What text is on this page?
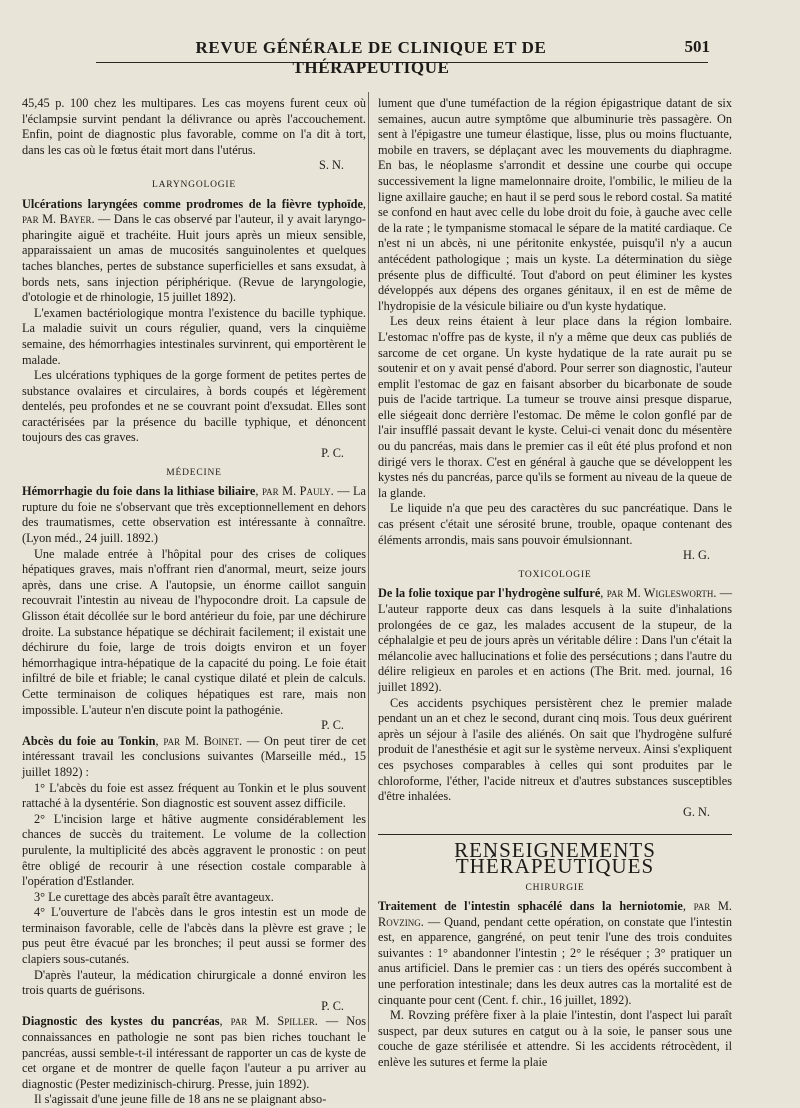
REVUE GÉNÉRALE DE CLINIQUE ET DE THÉRAPEUTIQUE
501

45,45 p. 100 chez les multipares. Les cas moyens furent ceux où l'éclampsie survint pendant la délivrance ou après l'accouchement. Enfin, point de diagnostic plus favorable, comme on l'a dit à tort, dans les cas où le fœtus était mort dans l'utérus.

S. N.
LARYNGOLOGIE

Ulcérations laryngées comme prodromes de la fièvre typhoïde, par M. Bayer. — Dans le cas observé par l'auteur, il y avait laryngo-pharingite aiguë et trachéite. Huit jours après un mieux sensible, apparaissaient un amas de mucosités sanguinolentes et quelques taches blanches, pertes de substance superficielles et sans exsudat, à bords nets, sans injection périphérique. (Revue de laryngologie, d'otologie et de rhinologie, 15 juillet 1892).

L'examen bactériologique montra l'existence du bacille typhique. La maladie suivit un cours régulier, quand, vers la cinquième semaine, des hémorrhagies intestinales survinrent, qui emportèrent le malade.

Les ulcérations typhiques de la gorge forment de petites pertes de substance ovalaires et circulaires, à bords coupés et légèrement dentelés, peu profondes et ne se couvrant point d'exsudat. Elles sont caractérisées par la présence du bacille typhique, et dénoncent toujours des cas graves.

P. C.
MÉDECINE

Hémorrhagie du foie dans la lithiase biliaire, par M. Pauly. — La rupture du foie ne s'observant que très exceptionnellement en dehors des traumatismes, cette observation est intéressante à connaître. (Lyon méd., 24 juill. 1892.)

Une malade entrée à l'hôpital pour des crises de coliques hépatiques graves, mais n'offrant rien d'anormal, meurt, seize jours après, dans une crise. A l'autopsie, un énorme caillot sanguin recouvrait l'intestin au niveau de l'hypocondre droit. La capsule de Glisson était décollée sur le bord antérieur du foie, par une déchirure droite. La substance hépatique se déchirait facilement; il existait une déchirure du foie, large de trois doigts environ et un foyer hémorrhagique intra-hépatique de la capacité du poing. Le foie était infiltré de bile et friable; le canal cystique dilaté et plein de calculs. Cette terminaison de coliques hépatiques est rare, mais non impossible. L'auteur n'en discute point la pathogénie.

P. C.

Abcès du foie au Tonkin, par M. Boinet. — On peut tirer de cet intéressant travail les conclusions suivantes (Marseille méd., 15 juillet 1892) :

1° L'abcès du foie est assez fréquent au Tonkin et le plus souvent rattaché à la dysentérie. Son diagnostic est souvent assez difficile.

2° L'incision large et hâtive augmente considérablement les chances de succès du traitement. Le volume de la collection purulente, la multiplicité des abcès aggravent le pronostic : on peut être obligé de recourir à une résection costale comparable à l'opération d'Estlander.

3° Le curettage des abcès paraît être avantageux.

4° L'ouverture de l'abcès dans le gros intestin est un mode de terminaison favorable, celle de l'abcès dans la plèvre est grave ; le pus peut être évacué par les bronches; il peut aussi se former des clapiers sous-cutanés.

D'après l'auteur, la médication chirurgicale a donné environ les trois quarts de guérisons.

P. C.

Diagnostic des kystes du pancréas, par M. Spiller. — Nos connaissances en pathologie ne sont pas bien riches touchant le pancréas, aussi semble-t-il intéressant de rapporter un cas de kyste de cet organe et de montrer de quelle façon l'auteur a pu arriver au diagnostic (Pester medizinisch-chirurg. Presse, juin 1892).

Il s'agissait d'une jeune fille de 18 ans ne se plaignant abso-

lument que d'une tuméfaction de la région épigastrique datant de six semaines, aucun autre symptôme que albuminurie très passagère. On sent à l'épigastre une tumeur élastique, lisse, plus ou moins fluctuante, mobile en travers, se déplaçant avec les mouvements du diaphragme. En bas, le néoplasme s'arrondit et dessine une courbe qui occupe successivement la ligne mamelonnaire droite, l'ombilic, le milieu de la ligne axillaire gauche; en haut il se perd sous le rebord costal. Sa matité se confond en haut avec celle du lobe droit du foie, à gauche avec celle de la rate ; le tympanisme stomacal le sépare de la matité cardiaque. Ce n'est ni un abcès, ni une péritonite enkystée, puisqu'il n'y a aucun antécédent pathologique ; mais un kyste. La détermination du siège présente plus de difficulté. Tout d'abord on peut éliminer les kystes développés aux dépens des organes génitaux, il en est de même de l'hydropisie de la vésicule biliaire ou d'un kyste hydatique.

Les deux reins étaient à leur place dans la région lombaire. L'estomac n'offre pas de kyste, il n'y a même que deux cas publiés de sarcome de cet organe. Un kyste hydatique de la rate aurait pu se soutenir et on y avait pensé d'abord. Pour serrer son diagnostic, l'auteur emplit l'estomac de gaz en faisant absorber du bicarbonate de soude puis de l'acide tartrique. La tumeur se trouve ainsi presque disparue, elle siégeait donc derrière l'estomac. De même le colon gonflé par de l'air insufflé passait devant le kyste. Celui-ci venait donc du mésentère ou du pancréas, mais dans le premier cas il eût été plus profond et non dirigé vers le thorax. C'est en général à gauche que se développent les kystes nés du pancréas, parce qu'ils se forment au niveau de la queue de la glande.

Le liquide n'a que peu des caractères du suc pancréatique. Dans le cas présent c'était une sérosité brune, trouble, opaque contenant des éléments arrondis, mais sans pouvoir émulsionnant.

H. G.
TOXICOLOGIE

De la folie toxique par l'hydrogène sulfuré, par M. Wiglesworth. — L'auteur rapporte deux cas dans lesquels à la suite d'inhalations prolongées de ce gaz, les malades accusent de la stupeur, de la céphalalgie et peu de jours après un véritable délire : Dans l'un c'était la mélancolie avec hallucinations et folie des persécutions ; dans l'autre du délire religieux en paroles et en actions (The Brit. med. journal, 16 juillet 1892).

Ces accidents psychiques persistèrent chez le premier malade pendant un an et chez le second, durant cinq mois. Tous deux guérirent après un séjour à l'asile des aliénés. On sait que l'hydrogène sulfuré produit de l'anesthésie et agit sur le système nerveux. Ainsi s'expliquent ces psychoses comparables à celles qui sont produites par le chloroforme, l'éther, l'acide nitreux et d'autres substances susceptibles d'être inhalées.

G. N.
RENSEIGNEMENTS THÉRAPEUTIQUES
CHIRURGIE

Traitement de l'intestin sphacélé dans la herniotomie, par M. Rovzing. — Quand, pendant cette opération, on constate que l'intestin est, en apparence, gangréné, on peut tenir l'une des trois conduites suivantes : 1° abandonner l'intestin ; 2° le réséquer ; 3° pratiquer un anus artificiel. Dans le premier cas : un tiers des opérés succombent à une perforation intestinale; dans les deux autres cas la mortalité est de cinquante pour cent (Cent. f. chir., 16 juillet, 1892).

M. Rovzing préfère fixer à la plaie l'intestin, dont l'aspect lui paraît suspect, par deux sutures en catgut ou à la soie, le panser sous une couche de gaze stérilisée et attendre. Si les accidents rétrocèdent, il enlève les sutures et ferme la plaie
